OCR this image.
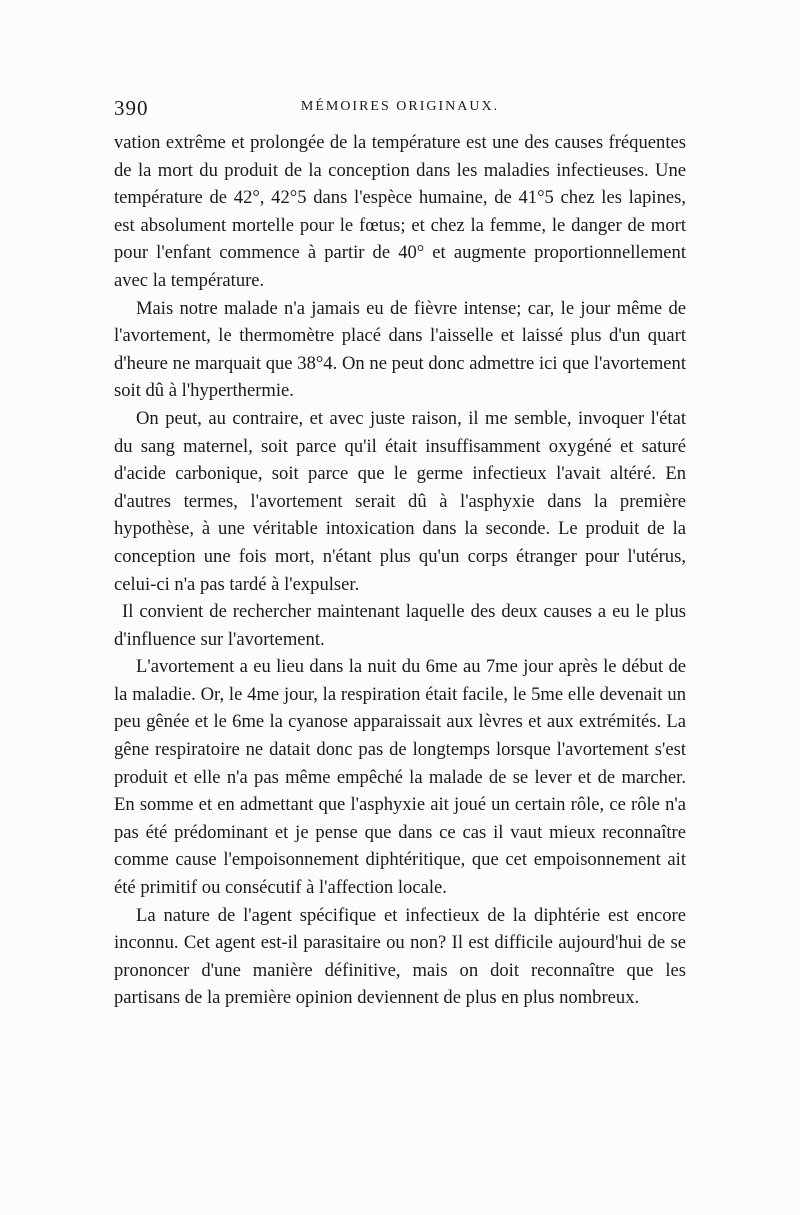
390	MÉMOIRES ORIGINAUX.

vation extrême et prolongée de la température est une des causes fréquentes de la mort du produit de la conception dans les maladies infectieuses. Une température de 42°, 42°5 dans l'espèce humaine, de 41°5 chez les lapines, est absolument mortelle pour le fœtus; et chez la femme, le danger de mort pour l'enfant commence à partir de 40° et augmente proportionnellement avec la température.

Mais notre malade n'a jamais eu de fièvre intense; car, le jour même de l'avortement, le thermomètre placé dans l'aisselle et laissé plus d'un quart d'heure ne marquait que 38°4. On ne peut donc admettre ici que l'avortement soit dû à l'hyperthermie.

On peut, au contraire, et avec juste raison, il me semble, invoquer l'état du sang maternel, soit parce qu'il était insuffisamment oxygéné et saturé d'acide carbonique, soit parce que le germe infectieux l'avait altéré. En d'autres termes, l'avortement serait dû à l'asphyxie dans la première hypothèse, à une véritable intoxication dans la seconde. Le produit de la conception une fois mort, n'étant plus qu'un corps étranger pour l'utérus, celui-ci n'a pas tardé à l'expulser.

Il convient de rechercher maintenant laquelle des deux causes a eu le plus d'influence sur l'avortement.

L'avortement a eu lieu dans la nuit du 6me au 7me jour après le début de la maladie. Or, le 4me jour, la respiration était facile, le 5me elle devenait un peu gênée et le 6me la cyanose apparaissait aux lèvres et aux extrémités. La gêne respiratoire ne datait donc pas de longtemps lorsque l'avortement s'est produit et elle n'a pas même empêché la malade de se lever et de marcher. En somme et en admettant que l'asphyxie ait joué un certain rôle, ce rôle n'a pas été prédominant et je pense que dans ce cas il vaut mieux reconnaître comme cause l'empoisonnement diphtéritique, que cet empoisonnement ait été primitif ou consécutif à l'affection locale.

La nature de l'agent spécifique et infectieux de la diphtérie est encore inconnu. Cet agent est-il parasitaire ou non? Il est difficile aujourd'hui de se prononcer d'une manière définitive, mais on doit reconnaître que les partisans de la première opinion deviennent de plus en plus nombreux.
